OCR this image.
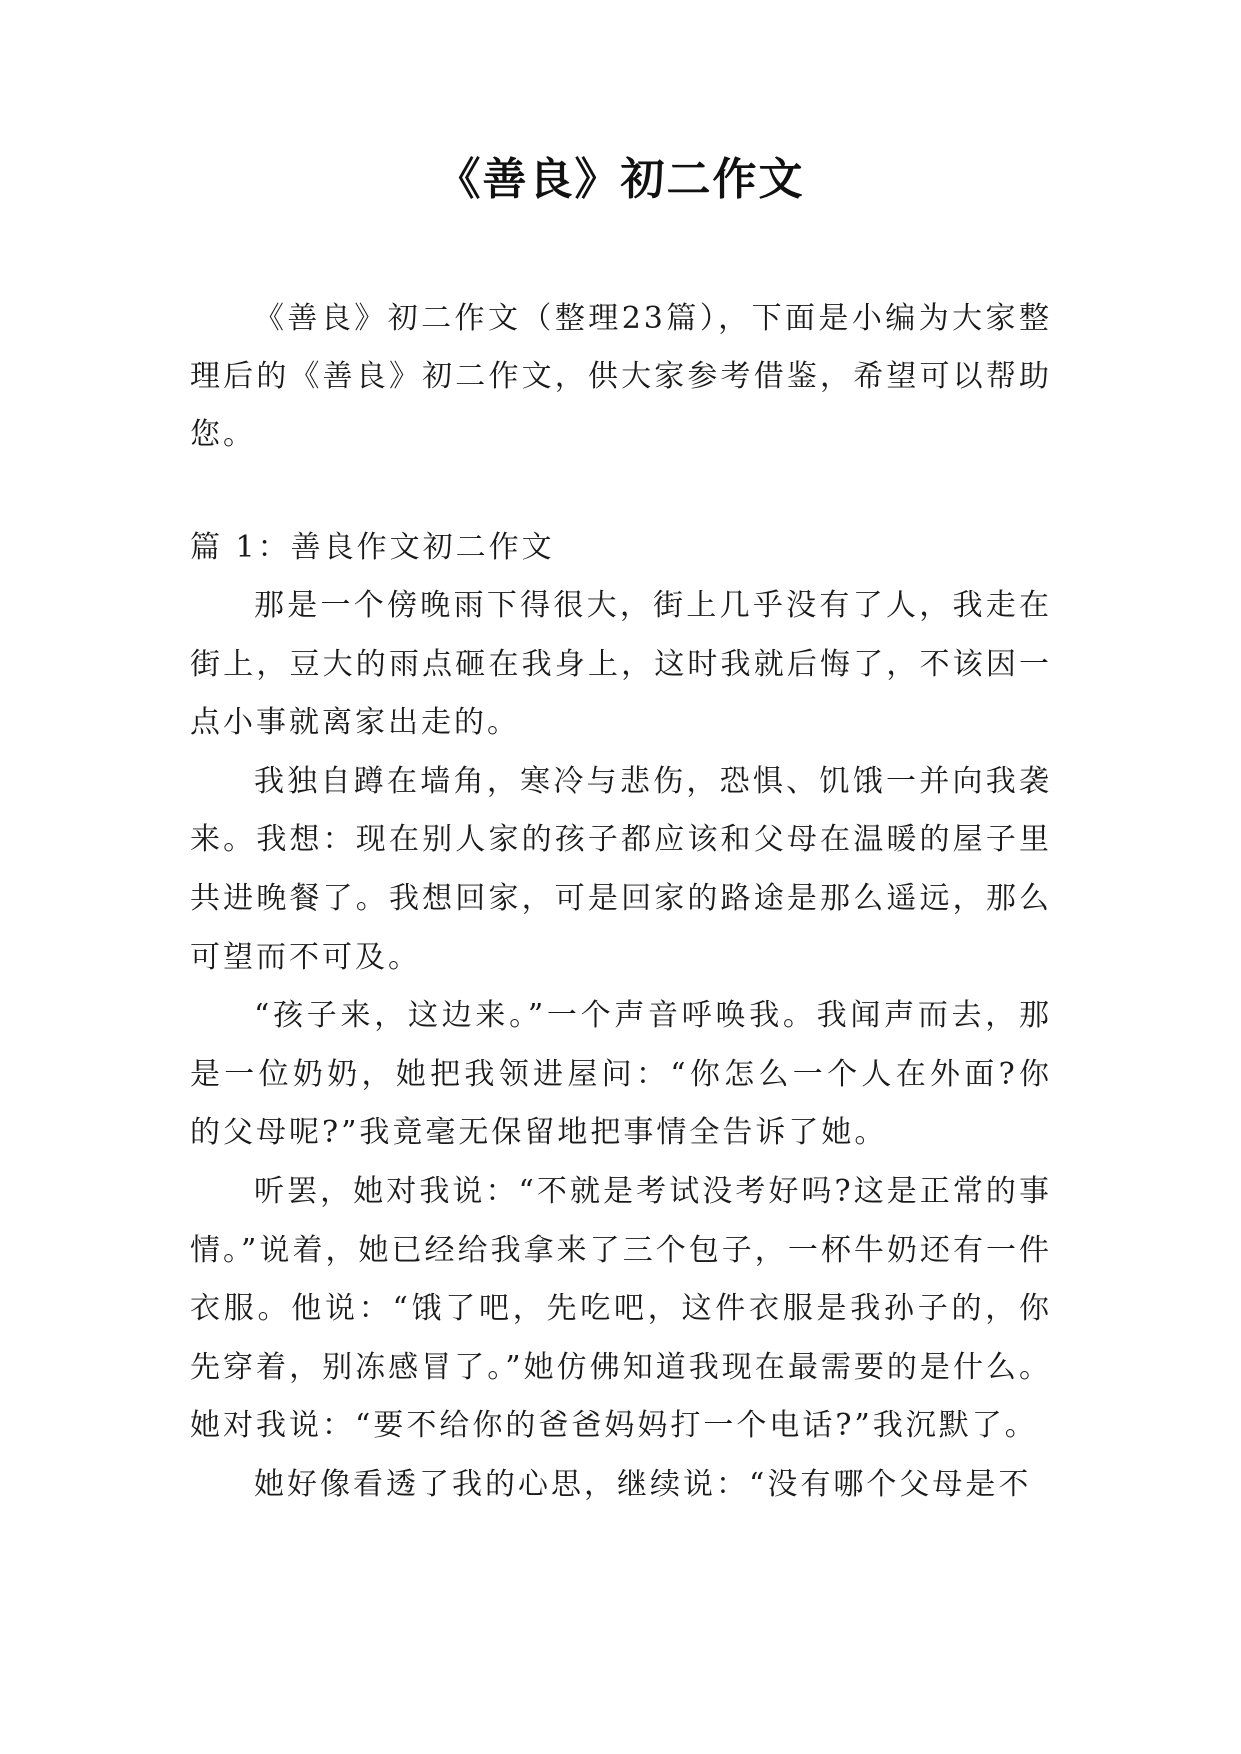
《善良》初二作文

《善良》初二作文（整理23篇），下面是小编为大家整理后的《善良》初二作文，供大家参考借鉴，希望可以帮助您。

篇 1：善良作文初二作文

那是一个傍晚雨下得很大，街上几乎没有了人，我走在街上，豆大的雨点砸在我身上，这时我就后悔了，不该因一点小事就离家出走的。

我独自蹲在墙角，寒冷与悲伤，恐惧、饥饿一并向我袭来。我想：现在别人家的孩子都应该和父母在温暖的屋子里共进晚餐了。我想回家，可是回家的路途是那么遥远，那么可望而不可及。

“孩子来，这边来。”一个声音呼唤我。我闻声而去，那是一位奶奶，她把我领进屋问：“你怎么一个人在外面?你的父母呢?”我竟毫无保留地把事情全告诉了她。

听罢，她对我说：“不就是考试没考好吗?这是正常的事情。”说着，她已经给我拿来了三个包子，一杯牛奶还有一件衣服。他说：“饿了吧，先吃吧，这件衣服是我孙子的，你先穿着，别冻感冒了。”她仿佛知道我现在最需要的是什么。她对我说：“要不给你的爸爸妈妈打一个电话?”我沉默了。

她好像看透了我的心思，继续说：“没有哪个父母是不
